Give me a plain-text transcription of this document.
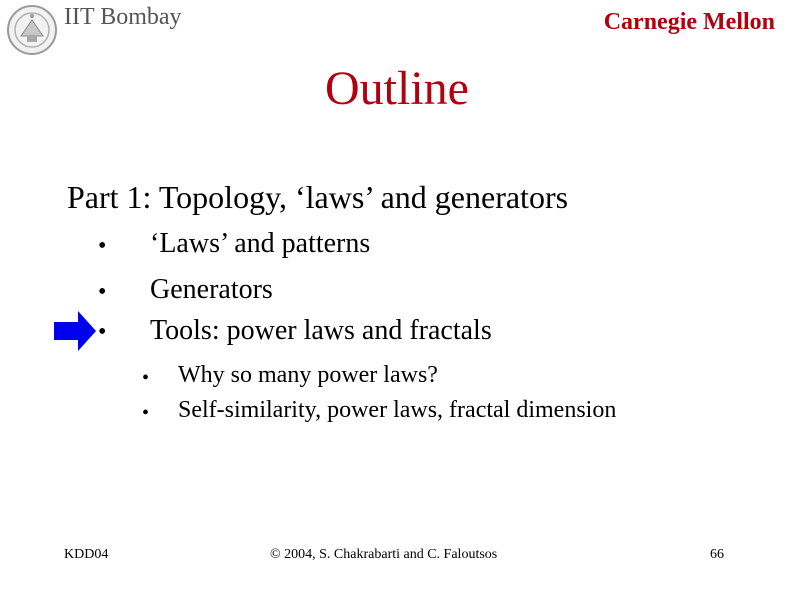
IIT Bombay	Carnegie Mellon
Outline
Part 1: Topology, ‘laws’ and generators
• ‘Laws’ and patterns
• Generators
• Tools: power laws and fractals
• Why so many power laws?
• Self-similarity, power laws, fractal dimension
KDD04	© 2004, S. Chakrabarti and C. Faloutsos	66
